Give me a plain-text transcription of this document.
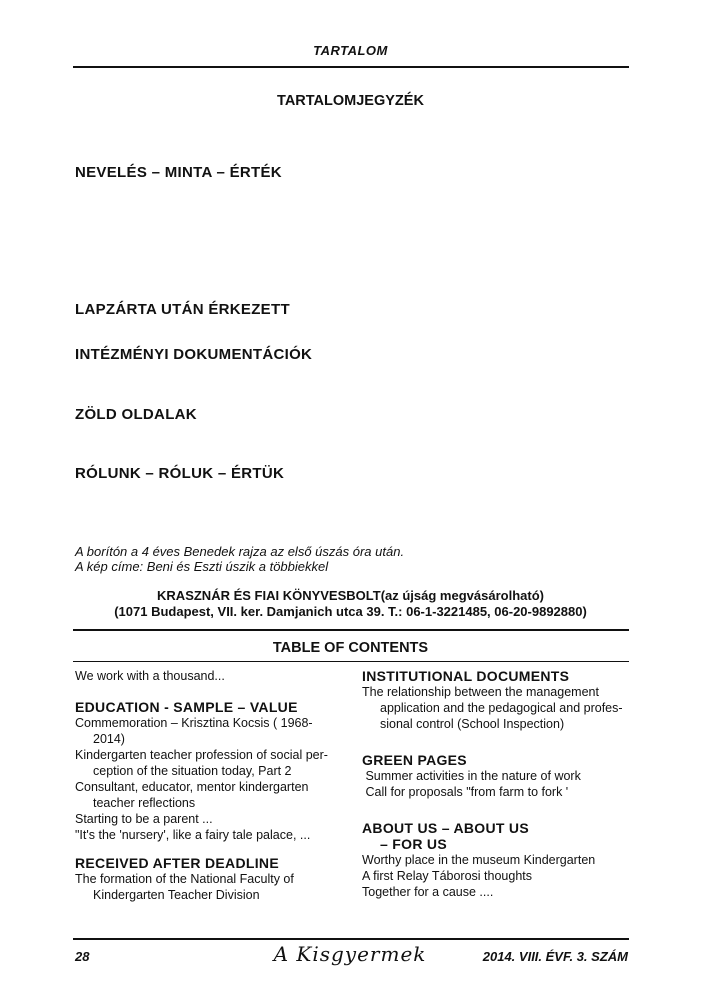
TARTALOM
TARTALOMJEGYZÉK
NEVELÉS – MINTA – ÉRTÉK
LAPZÁRTA UTÁN ÉRKEZETT
INTÉZMÉNYI DOKUMENTÁCIÓK
ZÖLD OLDALAK
RÓLUNK – RÓLUK – ÉRTÜK
A borítón a 4 éves Benedek rajza az első úszás óra után.
A kép címe: Beni és Eszti úszik a többiekkel
KRASZNÁR ÉS FIAI KÖNYVESBOLT(az újság megvásárolható)
(1071 Budapest, VII. ker. Damjanich utca 39. T.: 06-1-3221485, 06-20-9892880)
TABLE OF CONTENTS
We work with a thousand...
EDUCATION - SAMPLE – VALUE
Commemoration – Krisztina Kocsis ( 1968-
2014)
Kindergarten teacher profession of social per-
ception of the situation today, Part 2
Consultant, educator, mentor kindergarten
teacher reflections
Starting to be a parent ...
"It's the 'nursery', like a fairy tale palace, ...
RECEIVED AFTER DEADLINE
The formation of the National Faculty of
Kindergarten Teacher Division
INSTITUTIONAL DOCUMENTS
The relationship between the management
application and the pedagogical and profes-
sional control (School Inspection)
GREEN PAGES
Summer activities in the nature of work
Call for proposals "from farm to fork '
ABOUT US – ABOUT US
– FOR US
Worthy place in the museum Kindergarten
A first Relay Táborosi thoughts
Together for a cause ....
28	A Kisgyermek	2014. VIII. ÉVF. 3. SZÁM
